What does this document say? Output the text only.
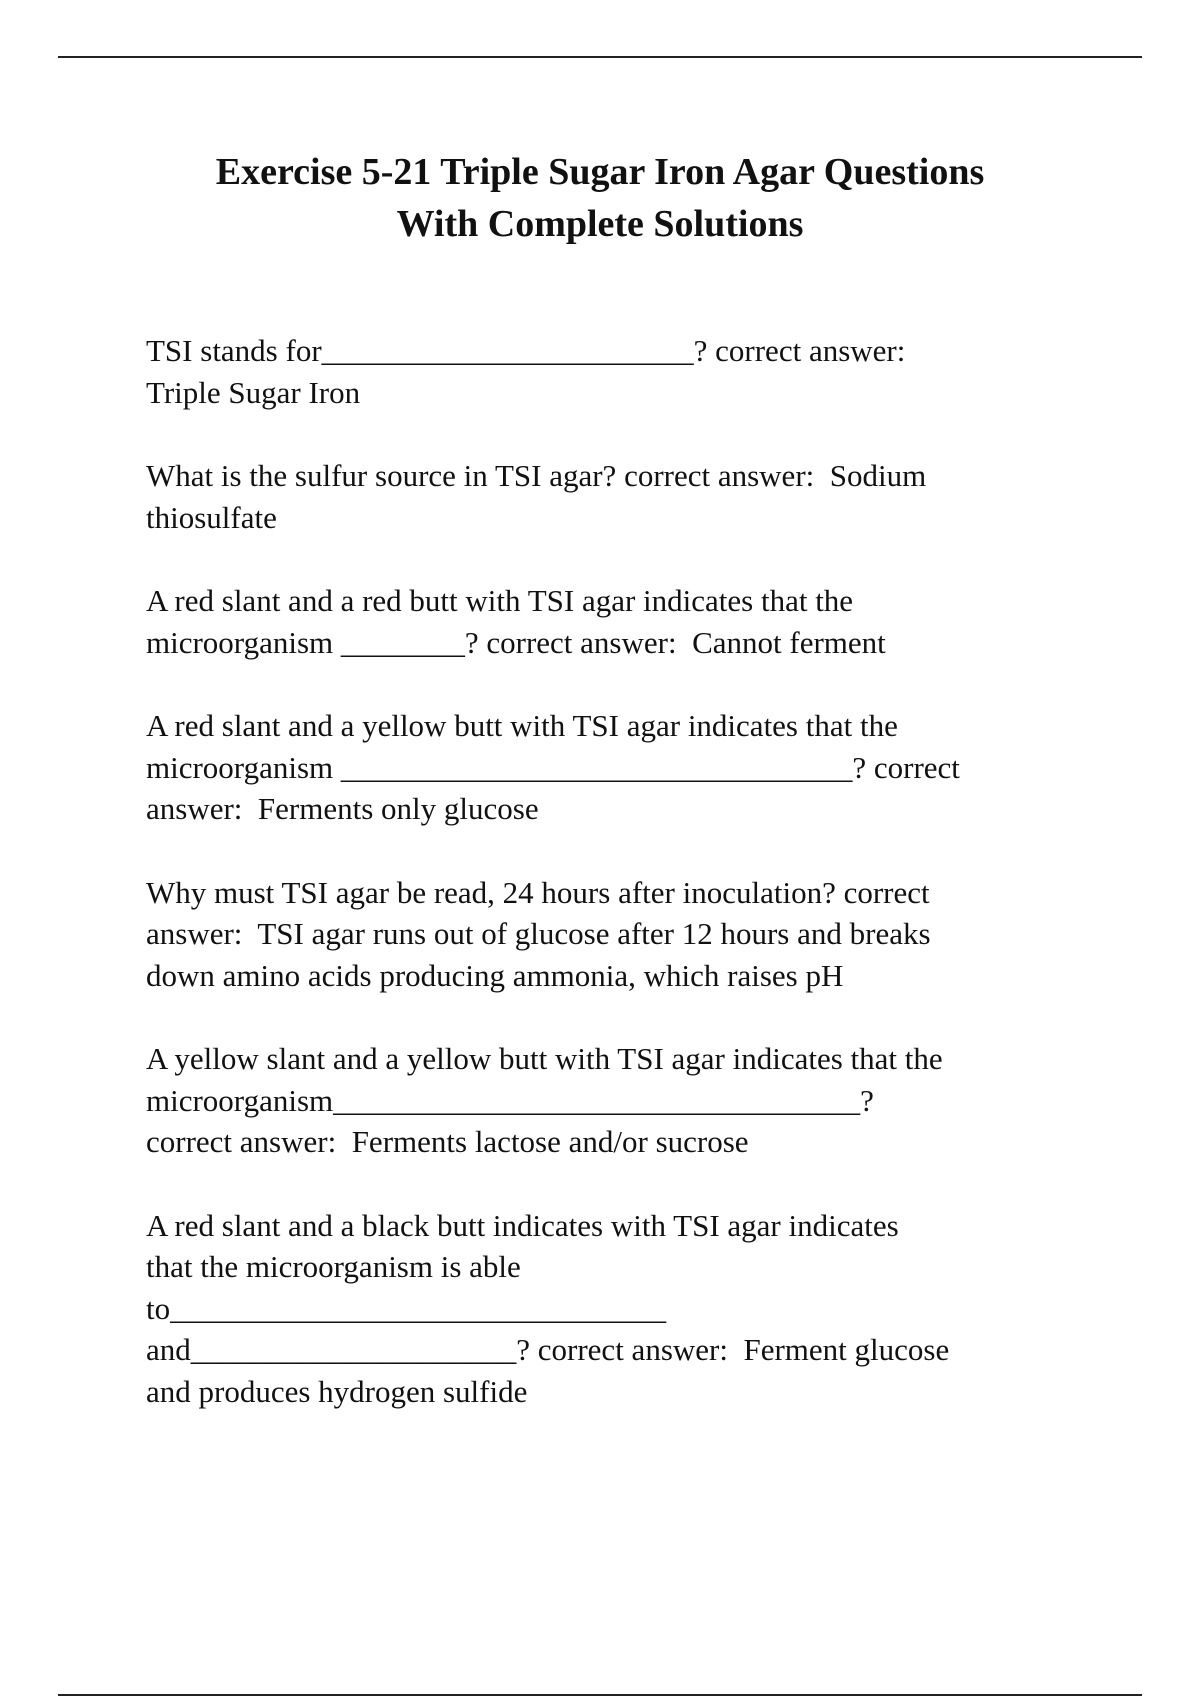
Exercise 5-21 Triple Sugar Iron Agar Questions
With Complete Solutions

TSI stands for________________________? correct answer:
Triple Sugar Iron

What is the sulfur source in TSI agar? correct answer:  Sodium
thiosulfate

A red slant and a red butt with TSI agar indicates that the
microorganism ________? correct answer:  Cannot ferment

A red slant and a yellow butt with TSI agar indicates that the
microorganism _________________________________? correct
answer:  Ferments only glucose

Why must TSI agar be read, 24 hours after inoculation? correct
answer:  TSI agar runs out of glucose after 12 hours and breaks
down amino acids producing ammonia, which raises pH

A yellow slant and a yellow butt with TSI agar indicates that the
microorganism__________________________________?
correct answer:  Ferments lactose and/or sucrose

A red slant and a black butt indicates with TSI agar indicates
that the microorganism is able
to________________________________
and_____________________? correct answer:  Ferment glucose
and produces hydrogen sulfide
